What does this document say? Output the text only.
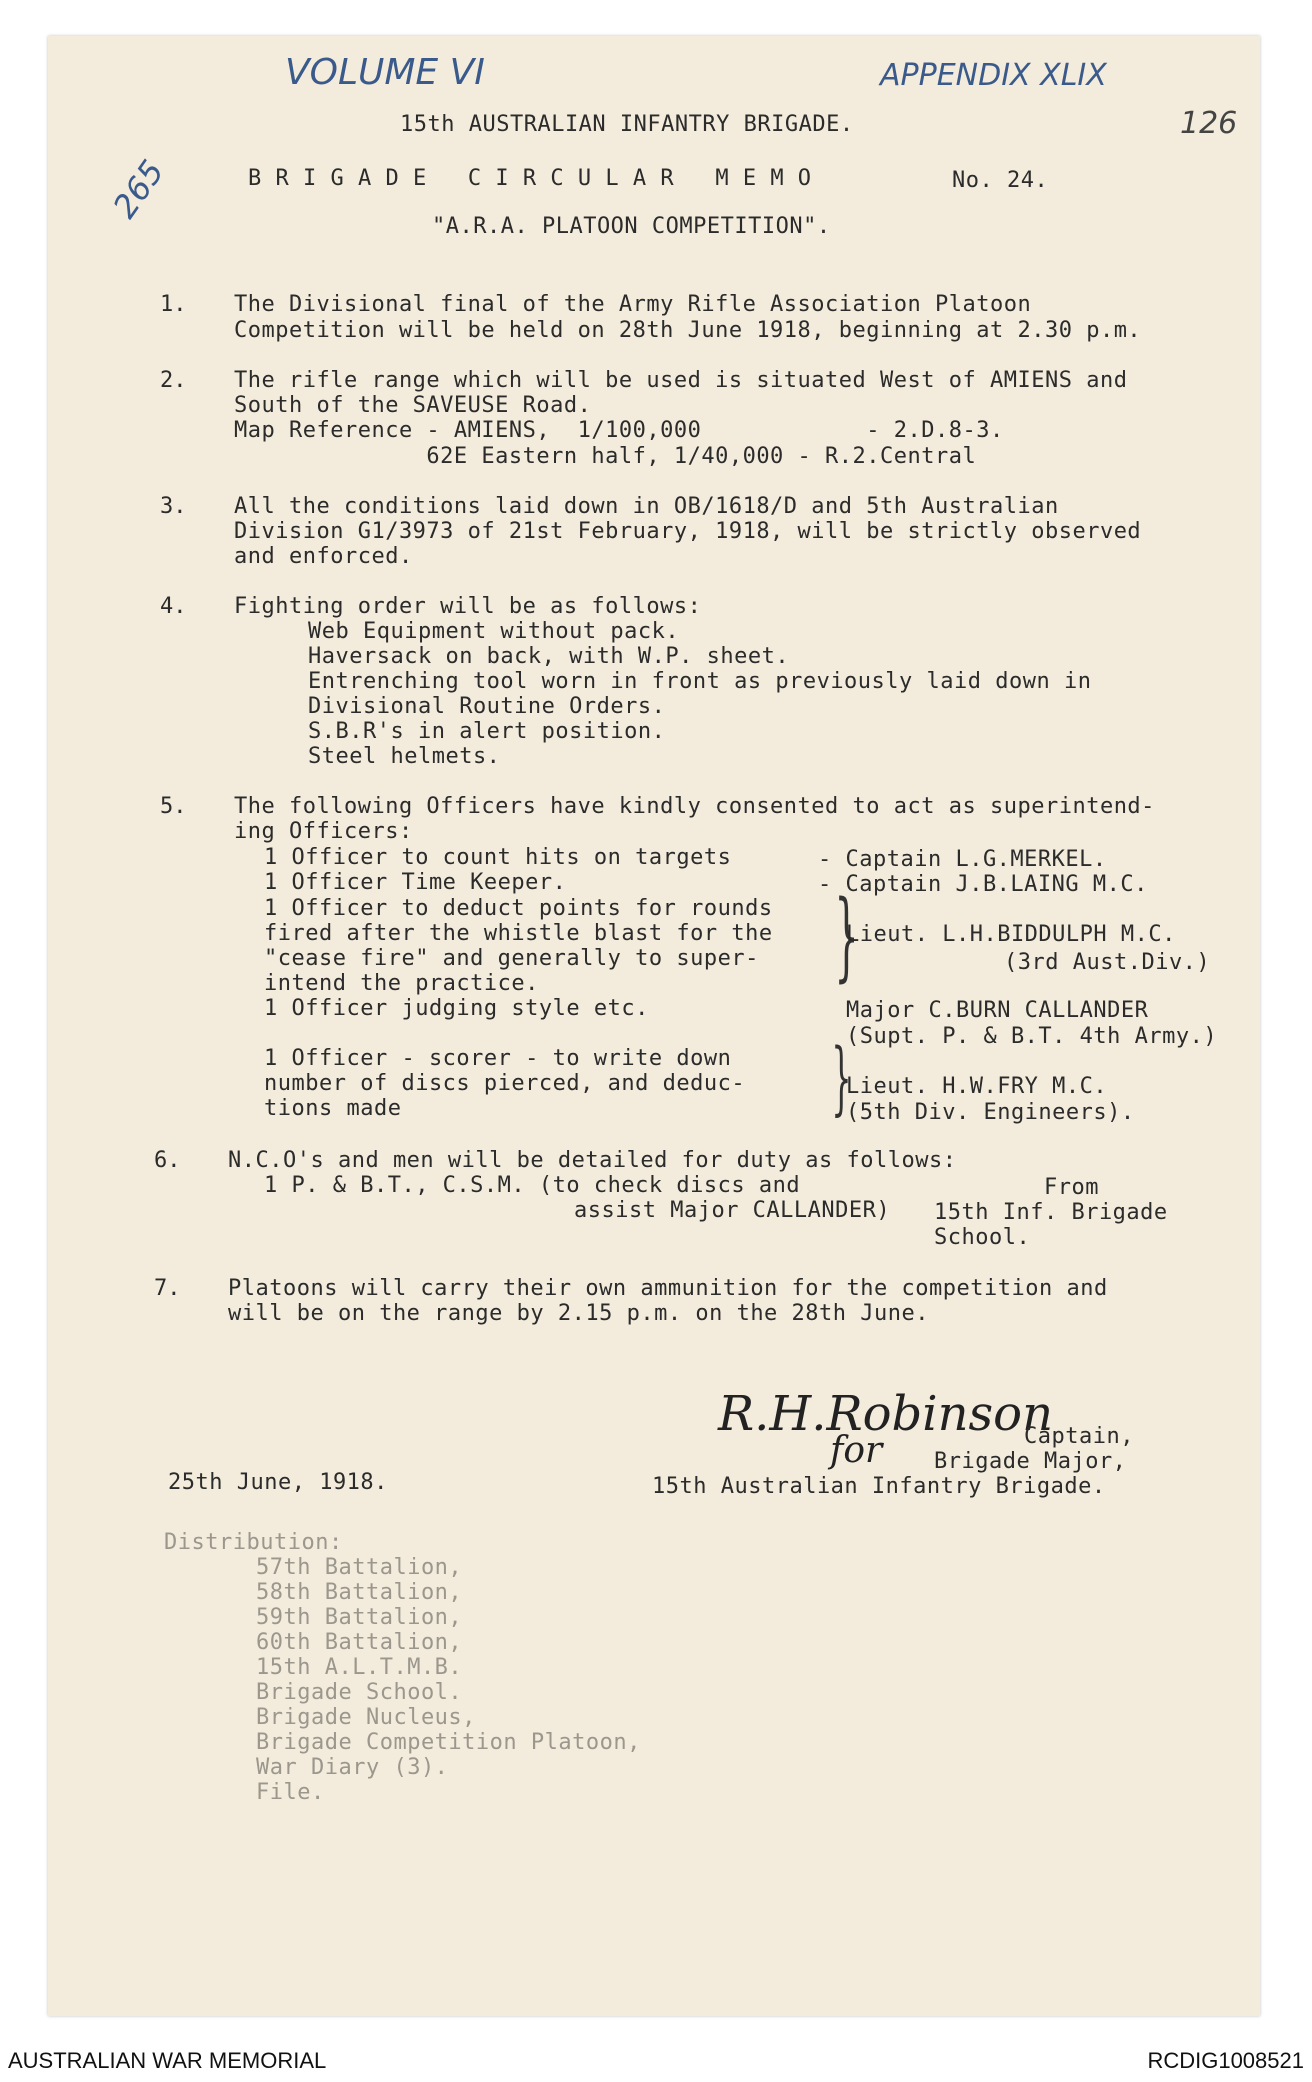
VOLUME VI	APPENDIX XLIX
126
265
15th AUSTRALIAN INFANTRY BRIGADE.
B R I G A D E   C I R C U L A R   M E M O	No. 24.
"A.R.A. PLATOON COMPETITION".
1. The Divisional final of the Army Rifle Association Platoon
Competition will be held on 28th June 1918, beginning at 2.30 p.m.
2. The rifle range which will be used is situated West of AMIENS and
South of the SAVEUSE Road.
Map Reference - AMIENS,  1/100,000            - 2.D.8-3.
62E Eastern half, 1/40,000 - R.2.Central
3. All the conditions laid down in OB/1618/D and 5th Australian
Division G1/3973 of 21st February, 1918, will be strictly observed
and enforced.
4. Fighting order will be as follows:
Web Equipment without pack.
Haversack on back, with W.P. sheet.
Entrenching tool worn in front as previously laid down in
Divisional Routine Orders.
S.B.R's in alert position.
Steel helmets.
5. The following Officers have kindly consented to act as superintend-
ing Officers:
1 Officer to count hits on targets	- Captain L.G.MERKEL.
1 Officer Time Keeper.	- Captain J.B.LAING M.C.
1 Officer to deduct points for rounds
fired after the whistle blast for the
"cease fire" and generally to super-
intend the practice.	}
Lieut. L.H.BIDDULPH M.C.
(3rd Aust.Div.)
1 Officer judging style etc.	Major C.BURN CALLANDER
(Supt. P. & B.T. 4th Army.)
1 Officer - scorer - to write down
number of discs pierced, and deduc-
tions made	}
Lieut. H.W.FRY M.C.
(5th Div. Engineers).
6. N.C.O's and men will be detailed for duty as follows:
1 P. & B.T., C.S.M. (to check discs and
assist Major CALLANDER)
From
15th Inf. Brigade
School.
7. Platoons will carry their own ammunition for the competition and
will be on the range by 2.15 p.m. on the 28th June.
R.H.Robinson
for	Captain,
Brigade Major,
15th Australian Infantry Brigade.
25th June, 1918.
Distribution:
57th Battalion,
58th Battalion,
59th Battalion,
60th Battalion,
15th A.L.T.M.B.
Brigade School.
Brigade Nucleus,
Brigade Competition Platoon,
War Diary (3).
File.
AUSTRALIAN WAR MEMORIAL	RCDIG1008521
